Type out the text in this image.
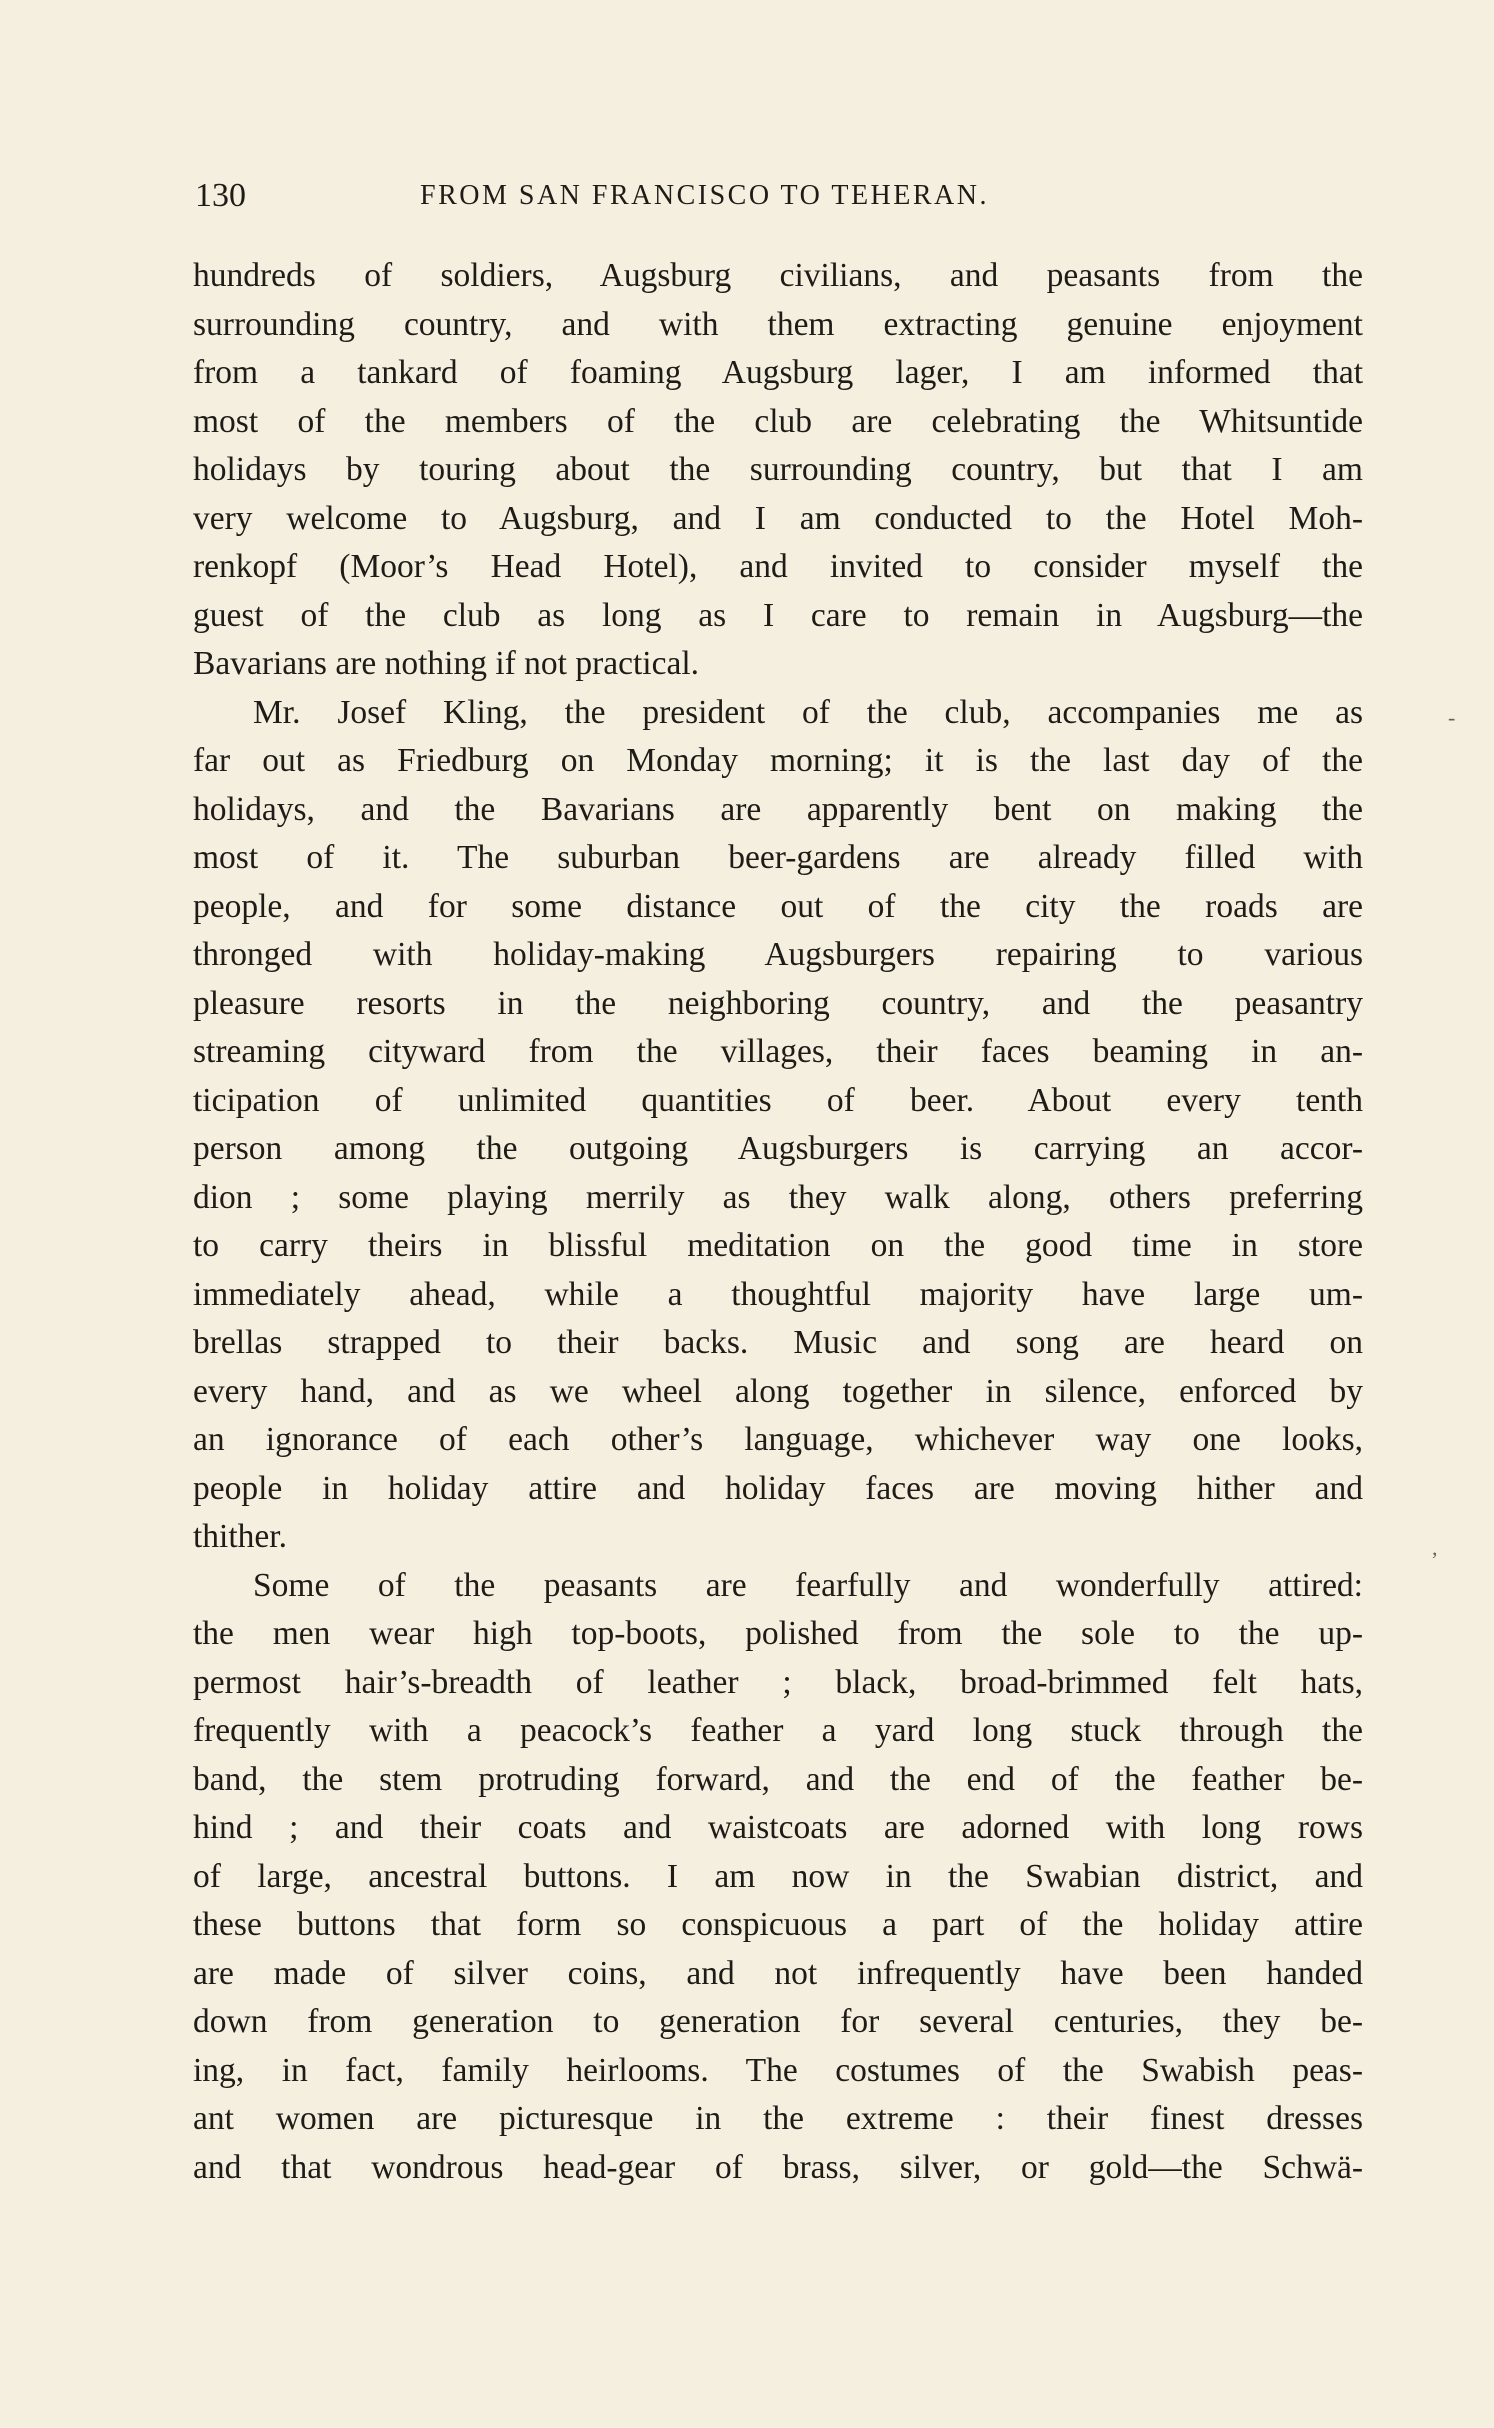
130	FROM SAN FRANCISCO TO TEHERAN.
hundreds of soldiers, Augsburg civilians, and peasants from the
surrounding country, and with them extracting genuine enjoyment
from a tankard of foaming Augsburg lager, I am informed that
most of the members of the club are celebrating the Whitsuntide
holidays by touring about the surrounding country, but that I am
very welcome to Augsburg, and I am conducted to the Hotel Moh-
renkopf (Moor’s Head Hotel), and invited to consider myself the
guest of the club as long as I care to remain in Augsburg—the
Bavarians are nothing if not practical.
Mr. Josef Kling, the president of the club, accompanies me as
far out as Friedburg on Monday morning; it is the last day of the
holidays, and the Bavarians are apparently bent on making the
most of it. The suburban beer-gardens are already filled with
people, and for some distance out of the city the roads are
thronged with holiday-making Augsburgers repairing to various
pleasure resorts in the neighboring country, and the peasantry
streaming cityward from the villages, their faces beaming in an-
ticipation of unlimited quantities of beer. About every tenth
person among the outgoing Augsburgers is carrying an accor-
dion ; some playing merrily as they walk along, others preferring
to carry theirs in blissful meditation on the good time in store
immediately ahead, while a thoughtful majority have large um-
brellas strapped to their backs. Music and song are heard on
every hand, and as we wheel along together in silence, enforced by
an ignorance of each other’s language, whichever way one looks,
people in holiday attire and holiday faces are moving hither and
thither.
Some of the peasants are fearfully and wonderfully attired:
the men wear high top-boots, polished from the sole to the up-
permost hair’s-breadth of leather ; black, broad-brimmed felt hats,
frequently with a peacock’s feather a yard long stuck through the
band, the stem protruding forward, and the end of the feather be-
hind ; and their coats and waistcoats are adorned with long rows
of large, ancestral buttons. I am now in the Swabian district, and
these buttons that form so conspicuous a part of the holiday attire
are made of silver coins, and not infrequently have been handed
down from generation to generation for several centuries, they be-
ing, in fact, family heirlooms. The costumes of the Swabish peas-
ant women are picturesque in the extreme : their finest dresses
and that wondrous head-gear of brass, silver, or gold—the Schwä-
-
,
